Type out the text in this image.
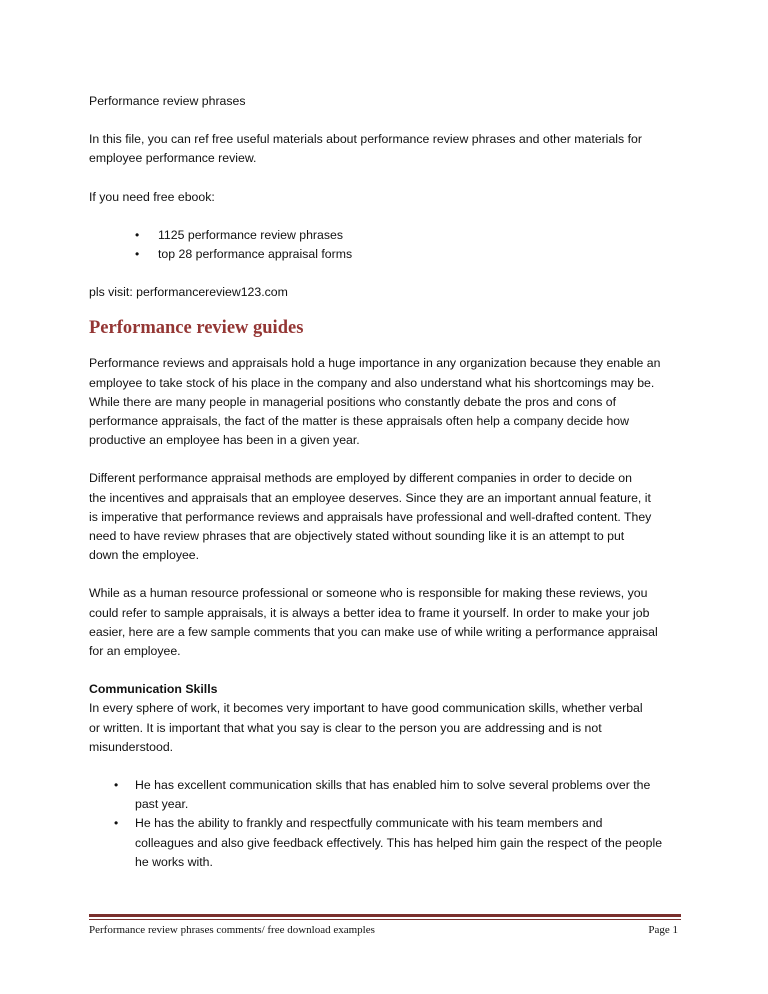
Performance review phrases

In this file, you can ref free useful materials about performance review phrases and other materials for
employee performance review.

If you need free ebook:

• 1125 performance review phrases
• top 28 performance appraisal forms

pls visit: performancereview123.com

Performance review guides

Performance reviews and appraisals hold a huge importance in any organization because they enable an
employee to take stock of his place in the company and also understand what his shortcomings may be.
While there are many people in managerial positions who constantly debate the pros and cons of
performance appraisals, the fact of the matter is these appraisals often help a company decide how
productive an employee has been in a given year.

Different performance appraisal methods are employed by different companies in order to decide on
the incentives and appraisals that an employee deserves. Since they are an important annual feature, it
is imperative that performance reviews and appraisals have professional and well-drafted content. They
need to have review phrases that are objectively stated without sounding like it is an attempt to put
down the employee.

While as a human resource professional or someone who is responsible for making these reviews, you
could refer to sample appraisals, it is always a better idea to frame it yourself. In order to make your job
easier, here are a few sample comments that you can make use of while writing a performance appraisal
for an employee.

Communication Skills

In every sphere of work, it becomes very important to have good communication skills, whether verbal
or written. It is important that what you say is clear to the person you are addressing and is not
misunderstood.

• He has excellent communication skills that has enabled him to solve several problems over the
past year.
• He has the ability to frankly and respectfully communicate with his team members and
colleagues and also give feedback effectively. This has helped him gain the respect of the people
he works with.
Performance review phrases comments/ free download examples	Page 1
